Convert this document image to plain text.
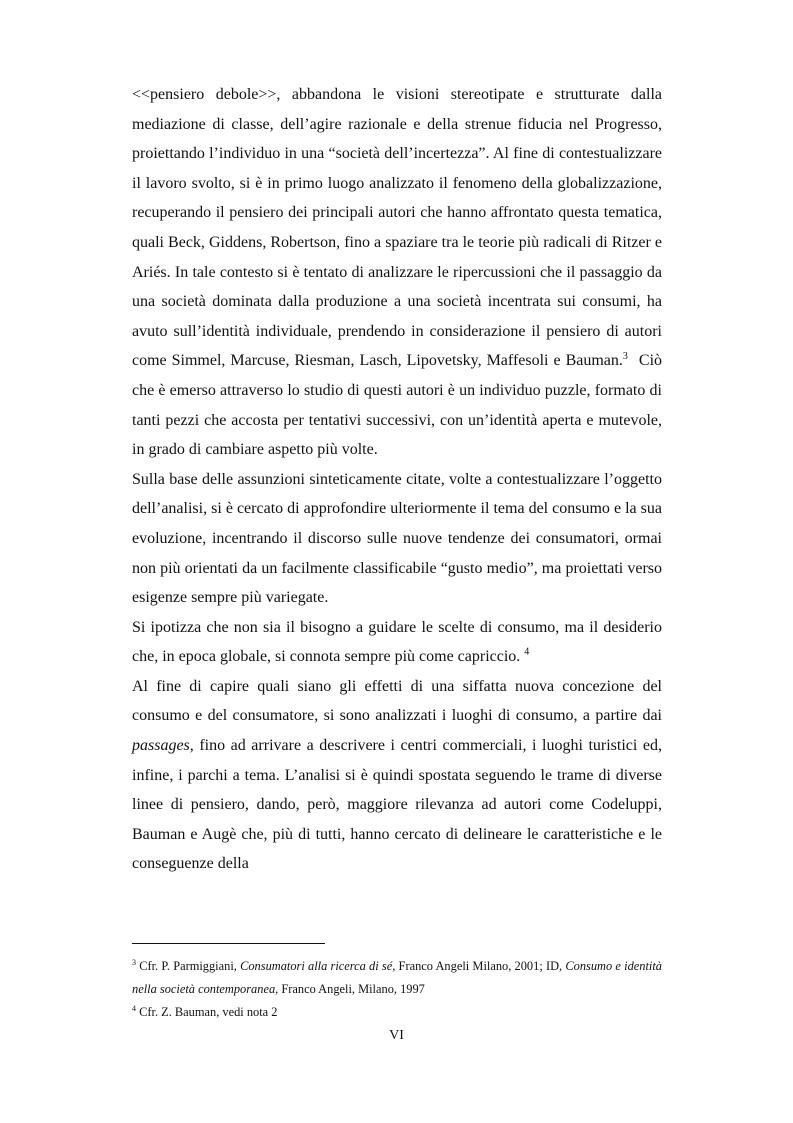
<<pensiero debole>>, abbandona le visioni stereotipate e strutturate dalla mediazione di classe, dell’agire razionale e della strenue fiducia nel Progresso, proiettando l’individuo in una “società dell’incertezza”. Al fine di contestualizzare il lavoro svolto, si è in primo luogo analizzato il fenomeno della globalizzazione, recuperando il pensiero dei principali autori che hanno affrontato questa tematica, quali Beck, Giddens, Robertson, fino a spaziare tra le teorie più radicali di Ritzer e Ariés. In tale contesto si è tentato di analizzare le ripercussioni che il passaggio da una società dominata dalla produzione a una società incentrata sui consumi, ha avuto sull’identità individuale, prendendo in considerazione il pensiero di autori come Simmel, Marcuse, Riesman, Lasch, Lipovetsky, Maffesoli e Bauman.$^3$ Ciò che è emerso attraverso lo studio di questi autori è un individuo puzzle, formato di tanti pezzi che accosta per tentativi successivi, con un’identità aperta e mutevole, in grado di cambiare aspetto più volte.

Sulla base delle assunzioni sinteticamente citate, volte a contestualizzare l’oggetto dell’analisi, si è cercato di approfondire ulteriormente il tema del consumo e la sua evoluzione, incentrando il discorso sulle nuove tendenze dei consumatori, ormai non più orientati da un facilmente classificabile “gusto medio”, ma proiettati verso esigenze sempre più variegate.

Si ipotizza che non sia il bisogno a guidare le scelte di consumo, ma il desiderio che, in epoca globale, si connota sempre più come capriccio. $^4$

Al fine di capire quali siano gli effetti di una siffatta nuova concezione del consumo e del consumatore, si sono analizzati i luoghi di consumo, a partire dai passages, fino ad arrivare a descrivere i centri commerciali, i luoghi turistici ed, infine, i parchi a tema. L’analisi si è quindi spostata seguendo le trame di diverse linee di pensiero, dando, però, maggiore rilevanza ad autori come Codeluppi, Bauman e Augè che, più di tutti, hanno cercato di delineare le caratteristiche e le conseguenze della

$^3$ Cfr. P. Parmiggiani, Consumatori alla ricerca di sé, Franco Angeli Milano, 2001; ID, Consumo e identità nella società contemporanea, Franco Angeli, Milano, 1997

$^4$ Cfr. Z. Bauman, vedi nota 2

VI
